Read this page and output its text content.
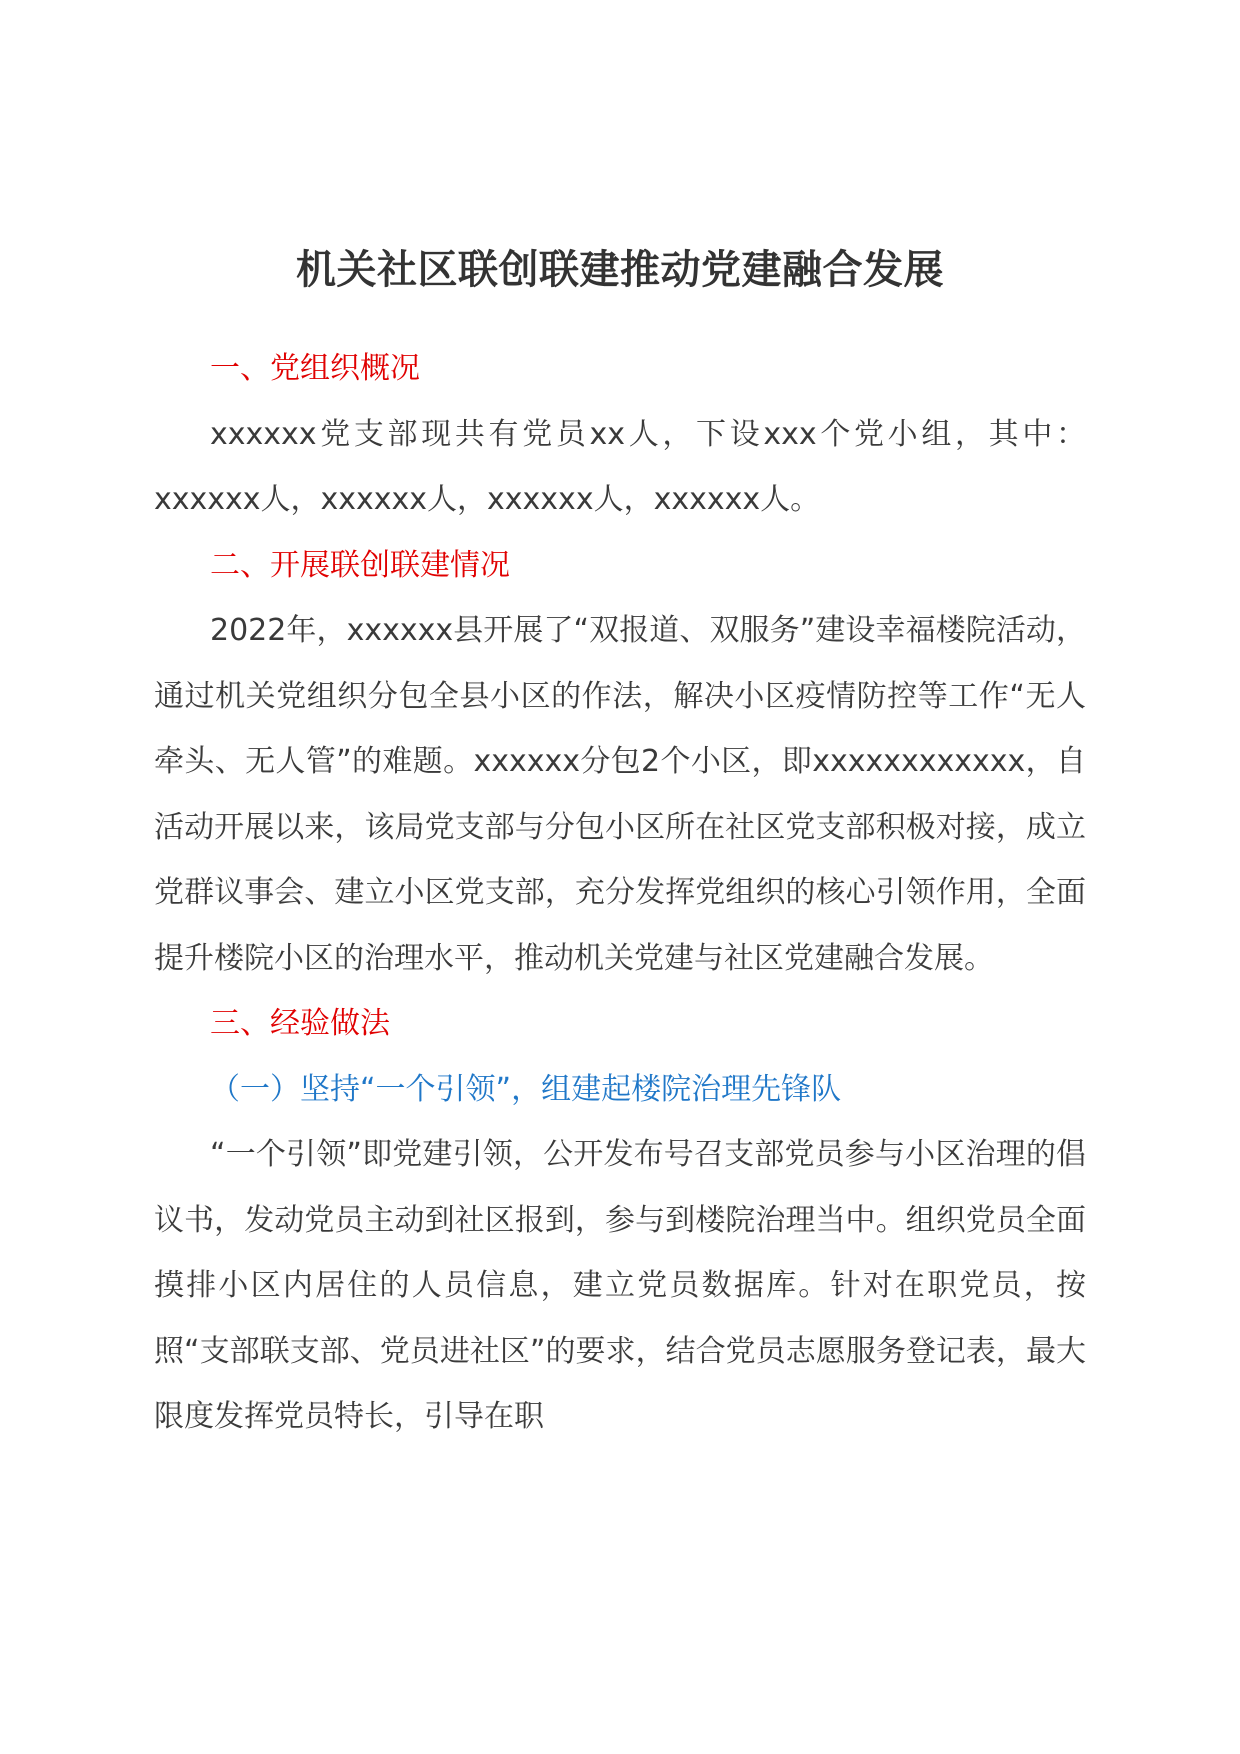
机关社区联创联建推动党建融合发展

一、党组织概况

xxxxxx党支部现共有党员xx人，下设xxx个党小组，其中：xxxxxx人，xxxxxx人，xxxxxx人，xxxxxx人。

二、开展联创联建情况

2022年，xxxxxx县开展了“双报道、双服务”建设幸福楼院活动，通过机关党组织分包全县小区的作法，解决小区疫情防控等工作“无人牵头、无人管”的难题。xxxxxx分包2个小区，即xxxxxxxxxxxx，自活动开展以来，该局党支部与分包小区所在社区党支部积极对接，成立党群议事会、建立小区党支部，充分发挥党组织的核心引领作用，全面提升楼院小区的治理水平，推动机关党建与社区党建融合发展。

三、经验做法

（一）坚持“一个引领”，组建起楼院治理先锋队

“一个引领”即党建引领，公开发布号召支部党员参与小区治理的倡议书，发动党员主动到社区报到，参与到楼院治理当中。组织党员全面摸排小区内居住的人员信息，建立党员数据库。针对在职党员，按照“支部联支部、党员进社区”的要求，结合党员志愿服务登记表，最大限度发挥党员特长，引导在职
